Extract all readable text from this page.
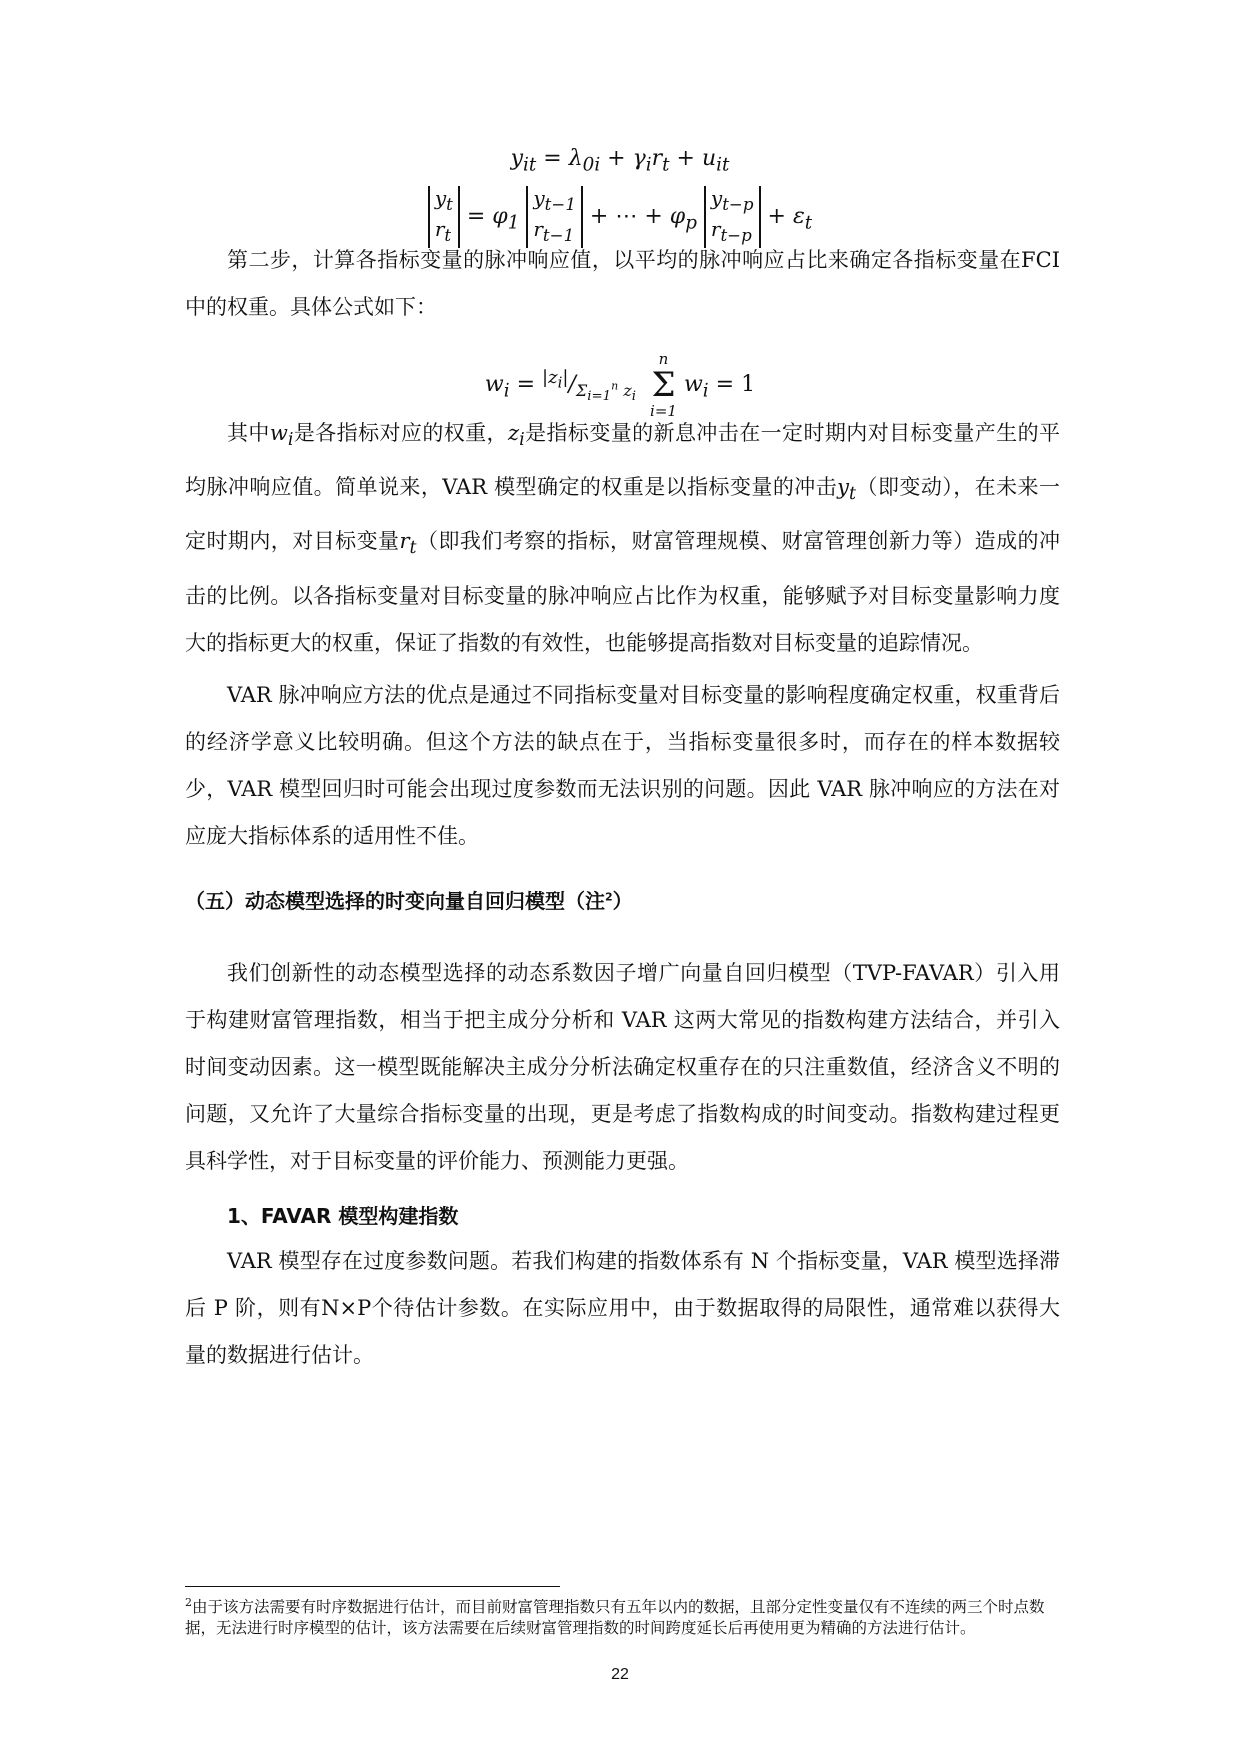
$y_{it} = \lambda_{0i} + \gamma_ir_t + u_{it}$
$y_t$
$r_t = \varphi_1$ $y_{t-1}$
$r_{t-1}$ + ⋯ + $\varphi_p$ $y_{t-p}$
$r_{t-p} + \varepsilon_t$
第二步，计算各指标变量的脉冲响应值，以平均的脉冲响应占比来确定各指标变量在FCI 中的权重。具体公式如下：
$w_i = ^{|z_i|}/_{\Sigma_{i=1}^n z_i}$  n
Σ
i=1 $w_i = 1$
其中$w_i$是各指标对应的权重，$z_i$是指标变量的新息冲击在一定时期内对目标变量产生的平均脉冲响应值。简单说来，VAR 模型确定的权重是以指标变量的冲击$y_t$（即变动），在未来一定时期内，对目标变量$r_t$（即我们考察的指标，财富管理规模、财富管理创新力等）造成的冲击的比例。以各指标变量对目标变量的脉冲响应占比作为权重，能够赋予对目标变量影响力度大的指标更大的权重，保证了指数的有效性，也能够提高指数对目标变量的追踪情况。
VAR 脉冲响应方法的优点是通过不同指标变量对目标变量的影响程度确定权重，权重背后的经济学意义比较明确。但这个方法的缺点在于，当指标变量很多时，而存在的样本数据较少，VAR 模型回归时可能会出现过度参数而无法识别的问题。因此 VAR 脉冲响应的方法在对应庞大指标体系的适用性不佳。
（五）动态模型选择的时变向量自回归模型（注$^2$）
我们创新性的动态模型选择的动态系数因子增广向量自回归模型（TVP-FAVAR）引入用于构建财富管理指数，相当于把主成分分析和 VAR 这两大常见的指数构建方法结合，并引入时间变动因素。这一模型既能解决主成分分析法确定权重存在的只注重数值，经济含义不明的问题，又允许了大量综合指标变量的出现，更是考虑了指数构成的时间变动。指数构建过程更具科学性，对于目标变量的评价能力、预测能力更强。
1、FAVAR 模型构建指数
VAR 模型存在过度参数问题。若我们构建的指数体系有 N 个指标变量，VAR 模型选择滞后 P 阶，则有N×P个待估计参数。在实际应用中，由于数据取得的局限性，通常难以获得大量的数据进行估计。
$^2$由于该方法需要有时序数据进行估计，而目前财富管理指数只有五年以内的数据，且部分定性变量仅有不连续的两三个时点数据，无法进行时序模型的估计，该方法需要在后续财富管理指数的时间跨度延长后再使用更为精确的方法进行估计。
22
